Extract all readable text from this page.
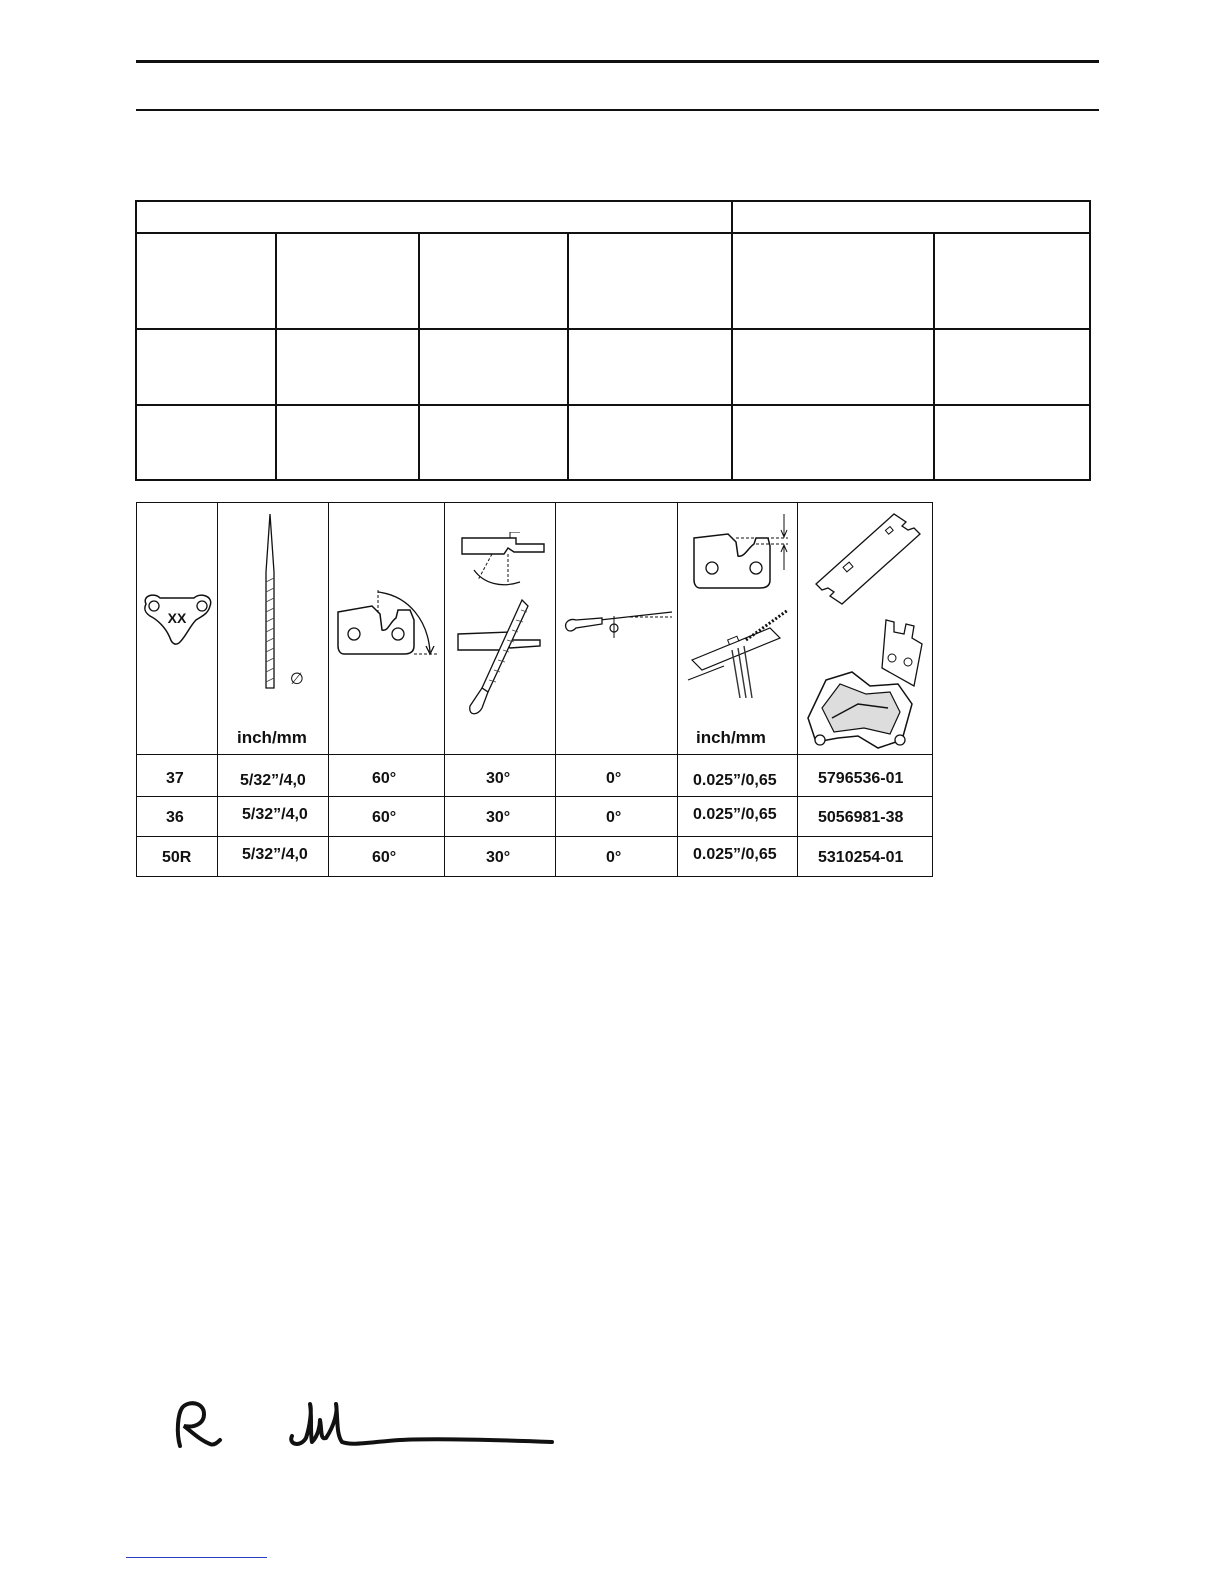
XX
∅
inch/mm	inch/mm
37	5/32”/4,0	60°	30°	0°	0.025”/0,65	5796536-01
36	5/32”/4,0	60°	30°	0°	0.025”/0,65	5056981-38
50R	5/32”/4,0	60°	30°	0°	0.025”/0,65	5310254-01
